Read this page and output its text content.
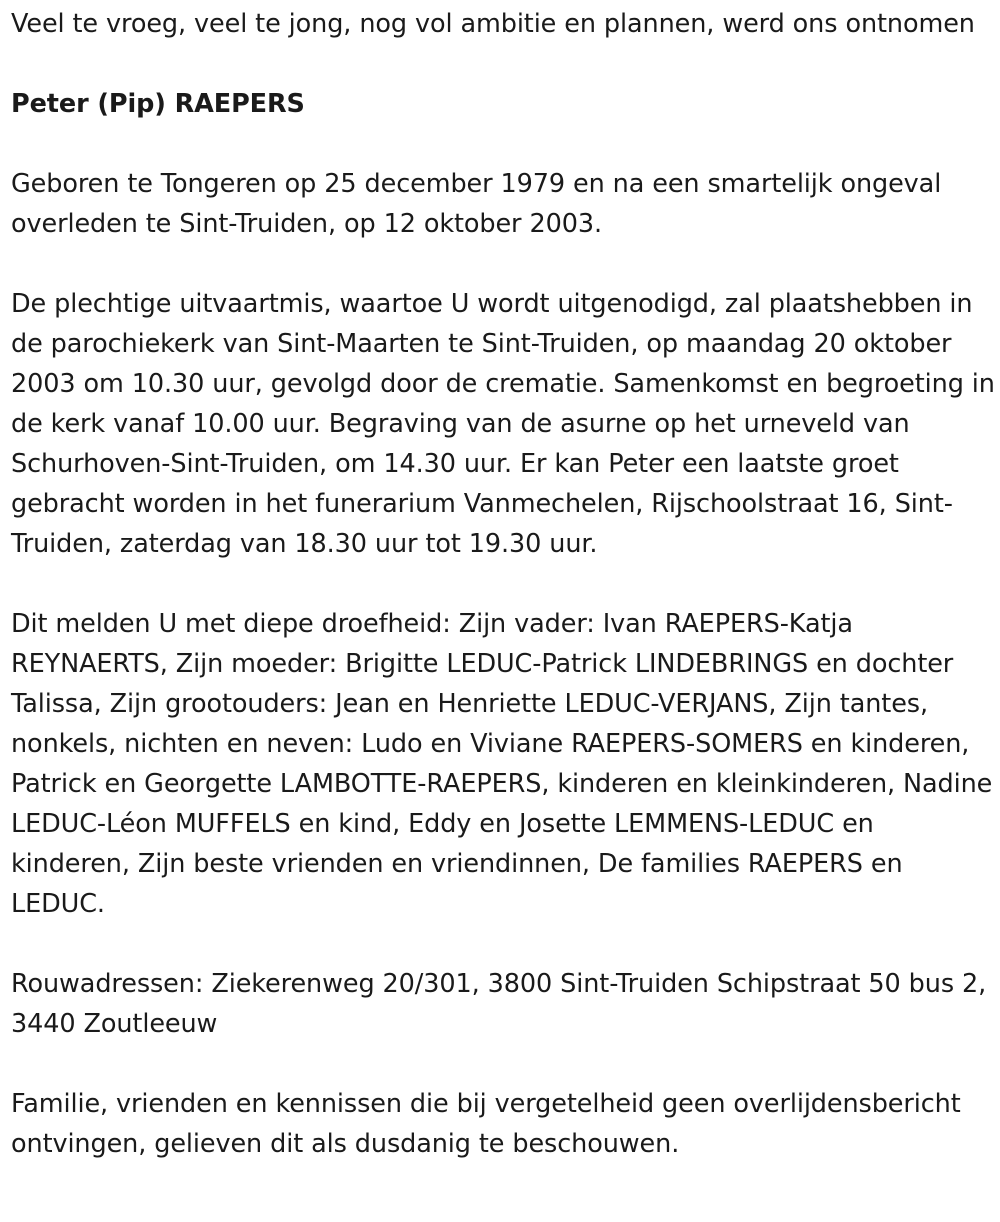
Veel te vroeg, veel te jong, nog vol ambitie en plannen, werd ons ontnomen

Peter (Pip) RAEPERS

Geboren te Tongeren op 25 december 1979 en na een smartelijk ongeval overleden te Sint-Truiden, op 12 oktober 2003.

De plechtige uitvaartmis, waartoe U wordt uitgenodigd, zal plaatshebben in de parochiekerk van Sint-Maarten te Sint-Truiden, op maandag 20 oktober 2003 om 10.30 uur, gevolgd door de crematie. Samenkomst en begroeting in de kerk vanaf 10.00 uur. Begraving van de asurne op het urneveld van Schurhoven-Sint-Truiden, om 14.30 uur. Er kan Peter een laatste groet gebracht worden in het funerarium Vanmechelen, Rijschoolstraat 16, Sint-Truiden, zaterdag van 18.30 uur tot 19.30 uur.

Dit melden U met diepe droefheid: Zijn vader: Ivan RAEPERS-Katja REYNAERTS, Zijn moeder: Brigitte LEDUC-Patrick LINDEBRINGS en dochter Talissa, Zijn grootouders: Jean en Henriette LEDUC-VERJANS, Zijn tantes, nonkels, nichten en neven: Ludo en Viviane RAEPERS-SOMERS en kinderen, Patrick en Georgette LAMBOTTE-RAEPERS, kinderen en kleinkinderen, Nadine LEDUC-Léon MUFFELS en kind, Eddy en Josette LEMMENS-LEDUC en kinderen, Zijn beste vrienden en vriendinnen, De families RAEPERS en LEDUC.

Rouwadressen: Ziekerenweg 20/301, 3800 Sint-Truiden Schipstraat 50 bus 2, 3440 Zoutleeuw

Familie, vrienden en kennissen die bij vergetelheid geen overlijdensbericht ontvingen, gelieven dit als dusdanig te beschouwen.
